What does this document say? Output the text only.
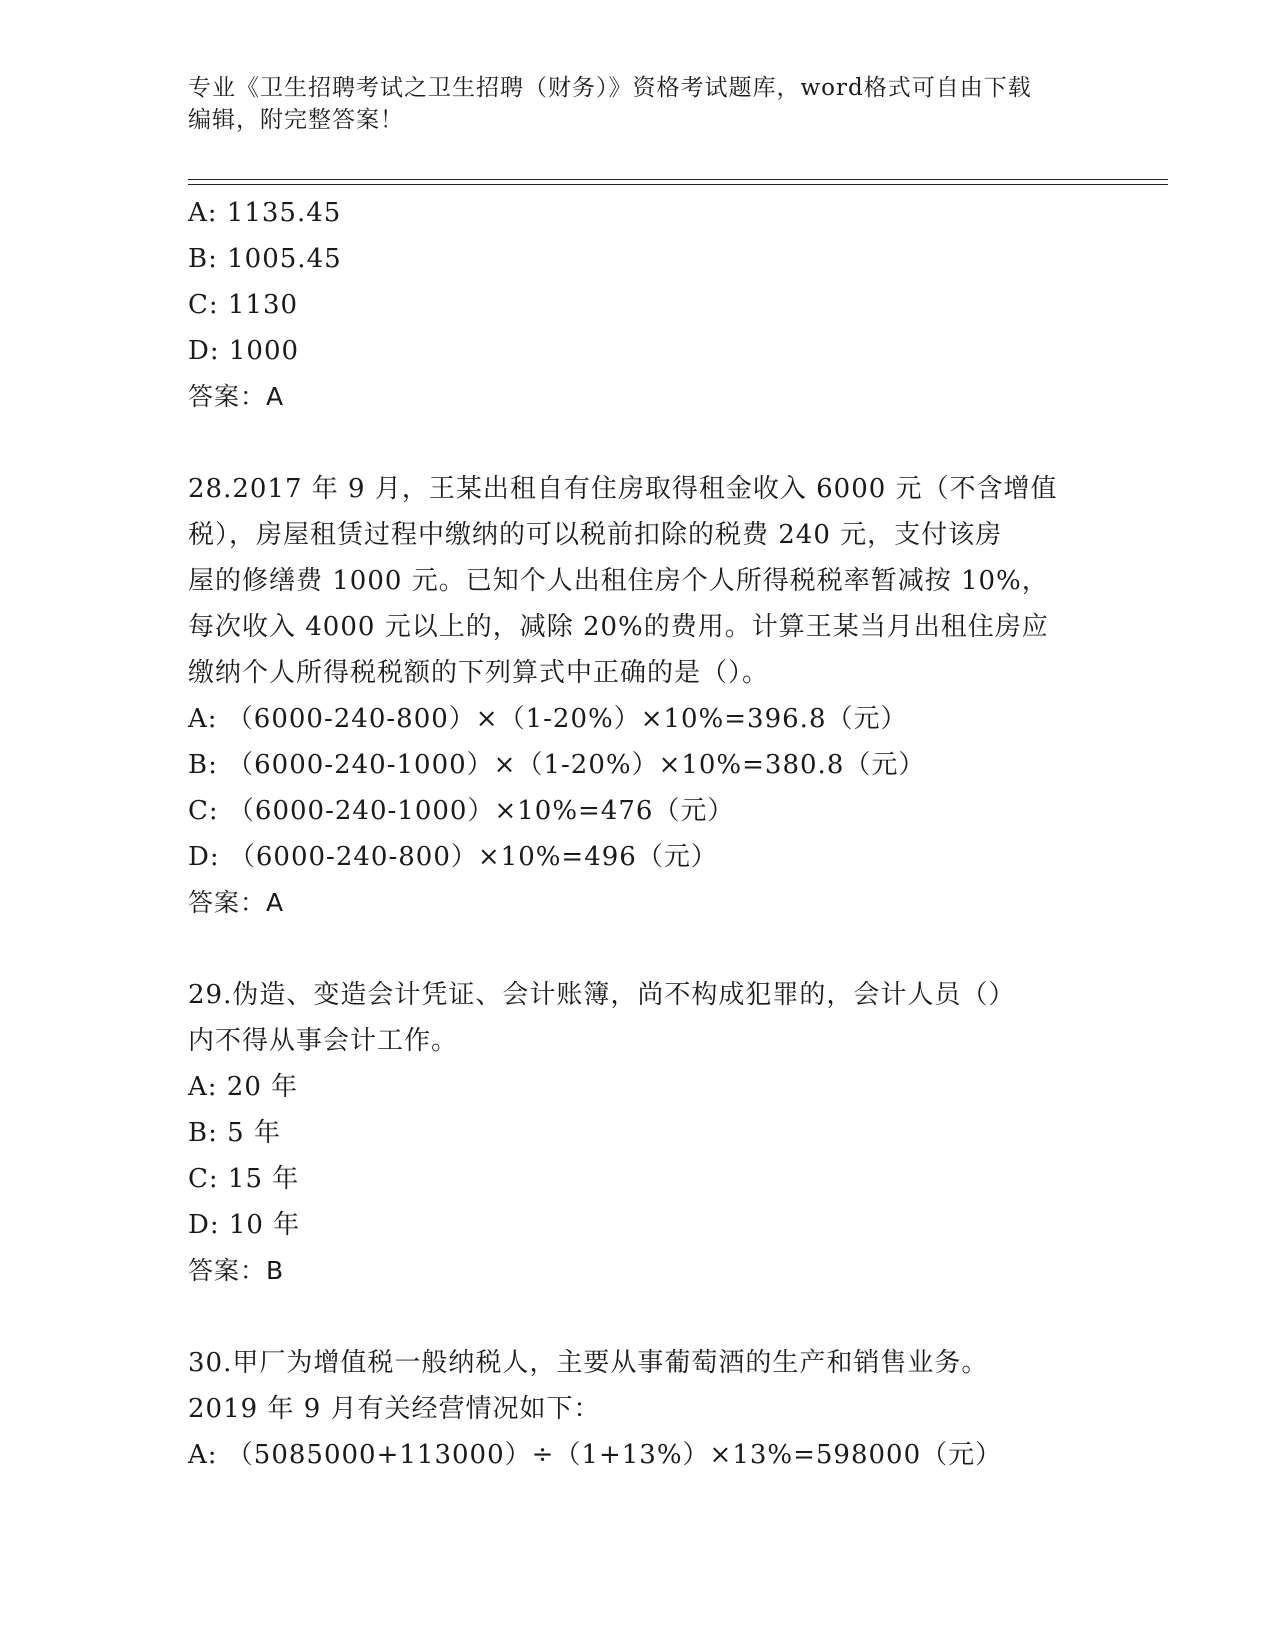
专业《卫生招聘考试之卫生招聘（财务）》资格考试题库，word格式可自由下载
编辑，附完整答案！
A: 1135.45
B: 1005.45
C: 1130
D: 1000
答案：A
28.2017 年 9 月，王某出租自有住房取得租金收入 6000 元（不含增值
税），房屋租赁过程中缴纳的可以税前扣除的税费 240 元，支付该房
屋的修缮费 1000 元。已知个人出租住房个人所得税税率暂减按 10%，
每次收入 4000 元以上的，减除 20%的费用。计算王某当月出租住房应
缴纳个人所得税税额的下列算式中正确的是（）。
A: （6000-240-800）×（1-20%）×10%=396.8（元）
B: （6000-240-1000）×（1-20%）×10%=380.8（元）
C: （6000-240-1000）×10%=476（元）
D: （6000-240-800）×10%=496（元）
答案：A
29.伪造、变造会计凭证、会计账簿，尚不构成犯罪的，会计人员（）
内不得从事会计工作。
A: 20 年
B: 5 年
C: 15 年
D: 10 年
答案：B
30.甲厂为增值税一般纳税人，主要从事葡萄酒的生产和销售业务。
2019 年 9 月有关经营情况如下：
A: （5085000+113000）÷（1+13%）×13%=598000（元）
